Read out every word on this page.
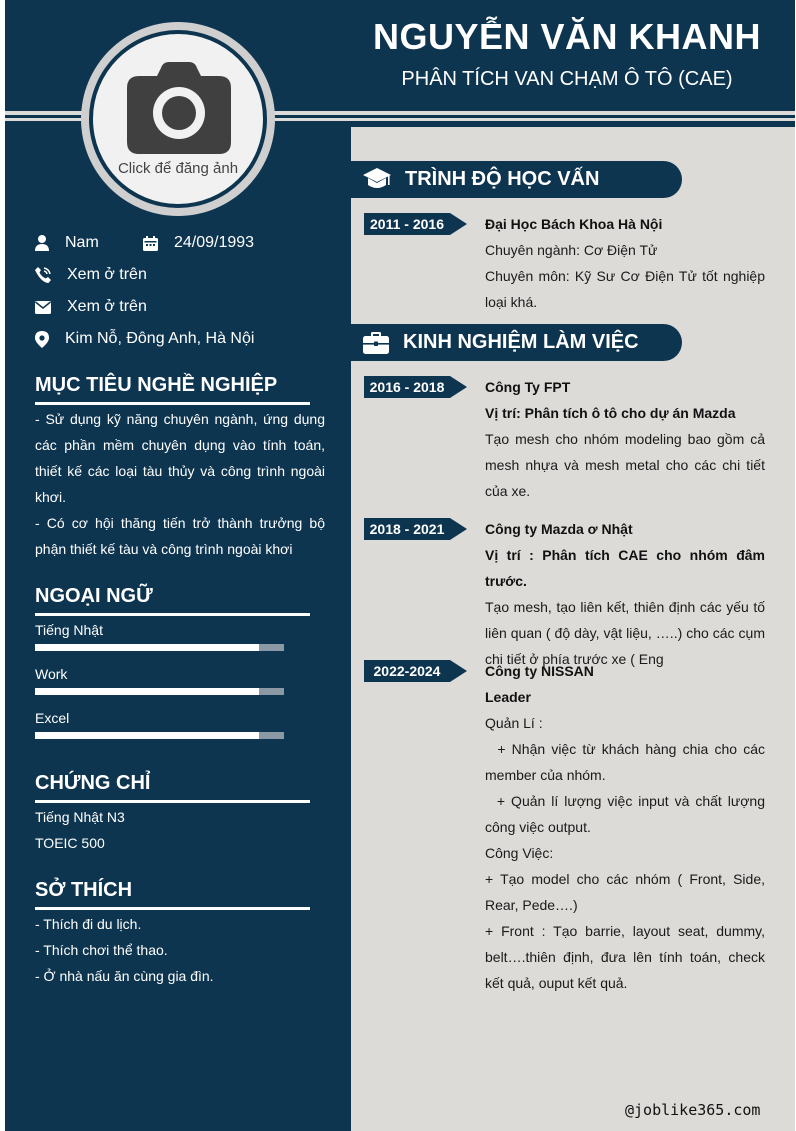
NGUYỄN VĂN KHANH
PHÂN TÍCH VAN CHẠM Ô TÔ (CAE)
Click để đăng ảnh
Nam	24/09/1993
Xem ở trên
Xem ở trên
Kim Nỗ, Đông Anh, Hà Nội
MỤC TIÊU NGHỀ NGHIỆP

- Sử dụng kỹ năng chuyên ngành, ứng dụng các phần mềm chuyên dụng vào tính toán, thiết kế các loại tàu thủy và công trình ngoài khơi.

- Có cơ hội thăng tiến trở thành trưởng bộ phận thiết kế tàu và công trình ngoài khơi

NGOẠI NGỮ
Tiếng Nhật
Work
Excel
CHỨNG CHỈ
Tiếng Nhật N3
TOEIC 500
SỞ THÍCH
- Thích đi du lịch.
- Thích chơi thể thao.
- Ở nhà nấu ăn cùng gia đìn.
TRÌNH ĐỘ HỌC VẤN
2011 - 2016	Đại Học Bách Khoa Hà Nội

Chuyên ngành: Cơ Điện Tử

Chuyên môn: Kỹ Sư Cơ Điện Tử tốt nghiệp loại khá.

KINH NGHIỆM LÀM VIỆC
2016 - 2018	Công Ty FPT

Vị trí: Phân tích ô tô cho dự án Mazda

Tạo mesh cho nhóm modeling bao gồm cả mesh nhựa và mesh metal cho các chi tiết của xe.

2018 - 2021	Công ty Mazda ơ Nhật

Vị trí : Phân tích CAE cho nhóm đâm trước.

Tạo mesh, tạo liên kết, thiên định các yếu tố liên quan ( độ dày, vật liệu, …..) cho các cụm chi tiết ở phía trước xe ( Eng

2022-2024	Công ty NISSAN

Leader

Quản Lí :

+ Nhận việc từ khách hàng chia cho các member của nhóm.

+ Quản lí lượng việc input và chất lượng công việc output.

Công Việc:

+ Tạo model cho các nhóm ( Front, Side, Rear, Pede….)

+ Front : Tạo barrie, layout seat, dummy, belt….thiên định, đưa lên tính toán, check kết quả, ouput kết quả.

@joblike365.com
